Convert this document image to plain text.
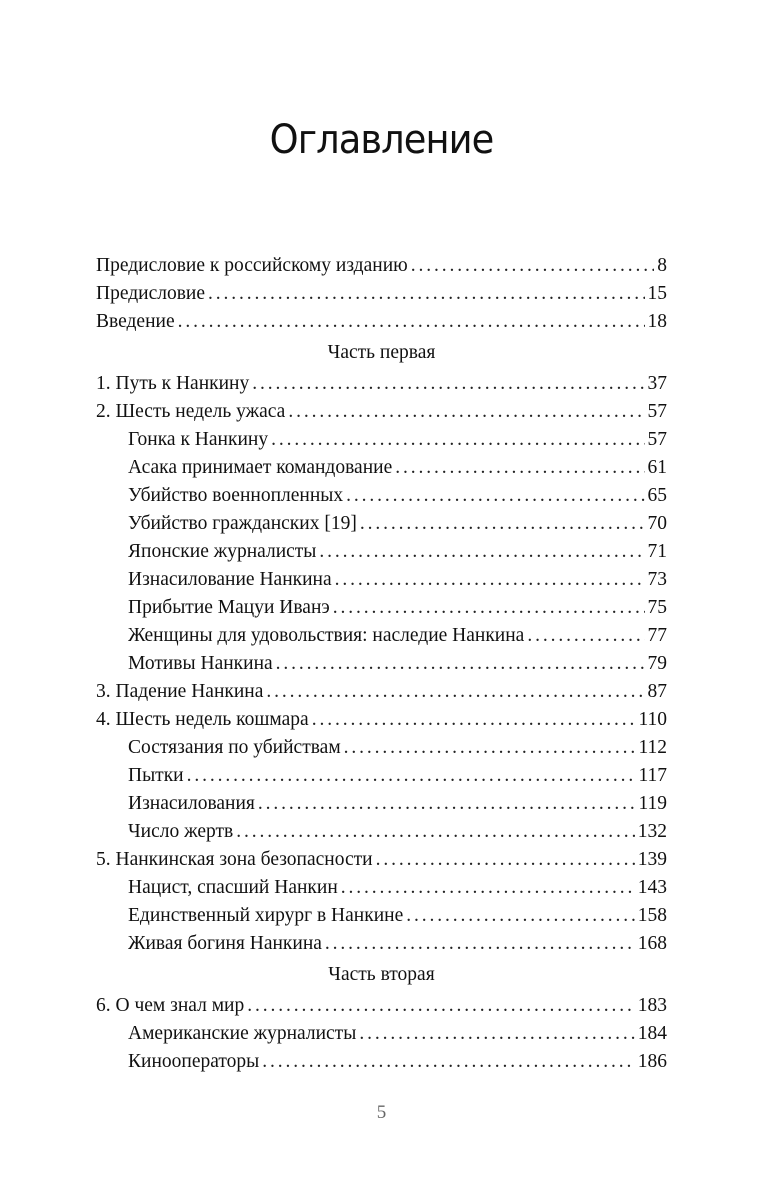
Оглавление
Предисловие к российскому изданию . . .	8
Предисловие . . .	15
Введение . . .	18
Часть первая
1. Путь к Нанкину . . .	37
2. Шесть недель ужаса . . .	57
Гонка к Нанкину . . .	57
Асака принимает командование . . .	61
Убийство военнопленных . . .	65
Убийство гражданских [19] . . .	70
Японские журналисты . . .	71
Изнасилование Нанкина . . .	73
Прибытие Мацуи Иванэ . . .	75
Женщины для удовольствия: наследие Нанкина . . .	77
Мотивы Нанкина . . .	79
3. Падение Нанкина . . .	87
4. Шесть недель кошмара . . .	110
Состязания по убийствам . . .	112
Пытки . . .	117
Изнасилования . . .	119
Число жертв . . .	132
5. Нанкинская зона безопасности . . .	139
Нацист, спасший Нанкин . . .	143
Единственный хирург в Нанкине . . .	158
Живая богиня Нанкина . . .	168
Часть вторая
6. О чем знал мир . . .	183
Американские журналисты . . .	184
Кинооператоры . . .	186
5
